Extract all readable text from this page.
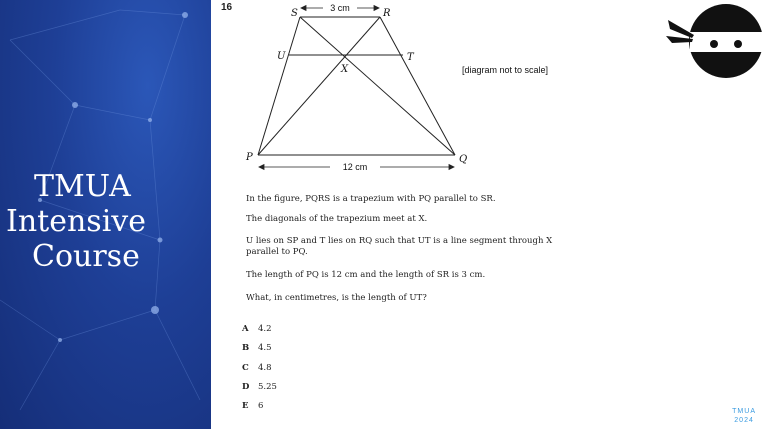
TMUA
Intensive
Course
16	3 cm
12 cm
S	R
U	T
X
P	Q
[diagram not to scale]
In the figure, PQRS is a trapezium with PQ parallel to SR.
The diagonals of the trapezium meet at X.
U lies on SP and T lies on RQ such that UT is a line segment through X
parallel to PQ.
The length of PQ is 12 cm and the length of SR is 3 cm.
What, in centimetres, is the length of UT?
A 4.2
B 4.5
C 4.8
D 5.25
E 6
TMUA
2024
